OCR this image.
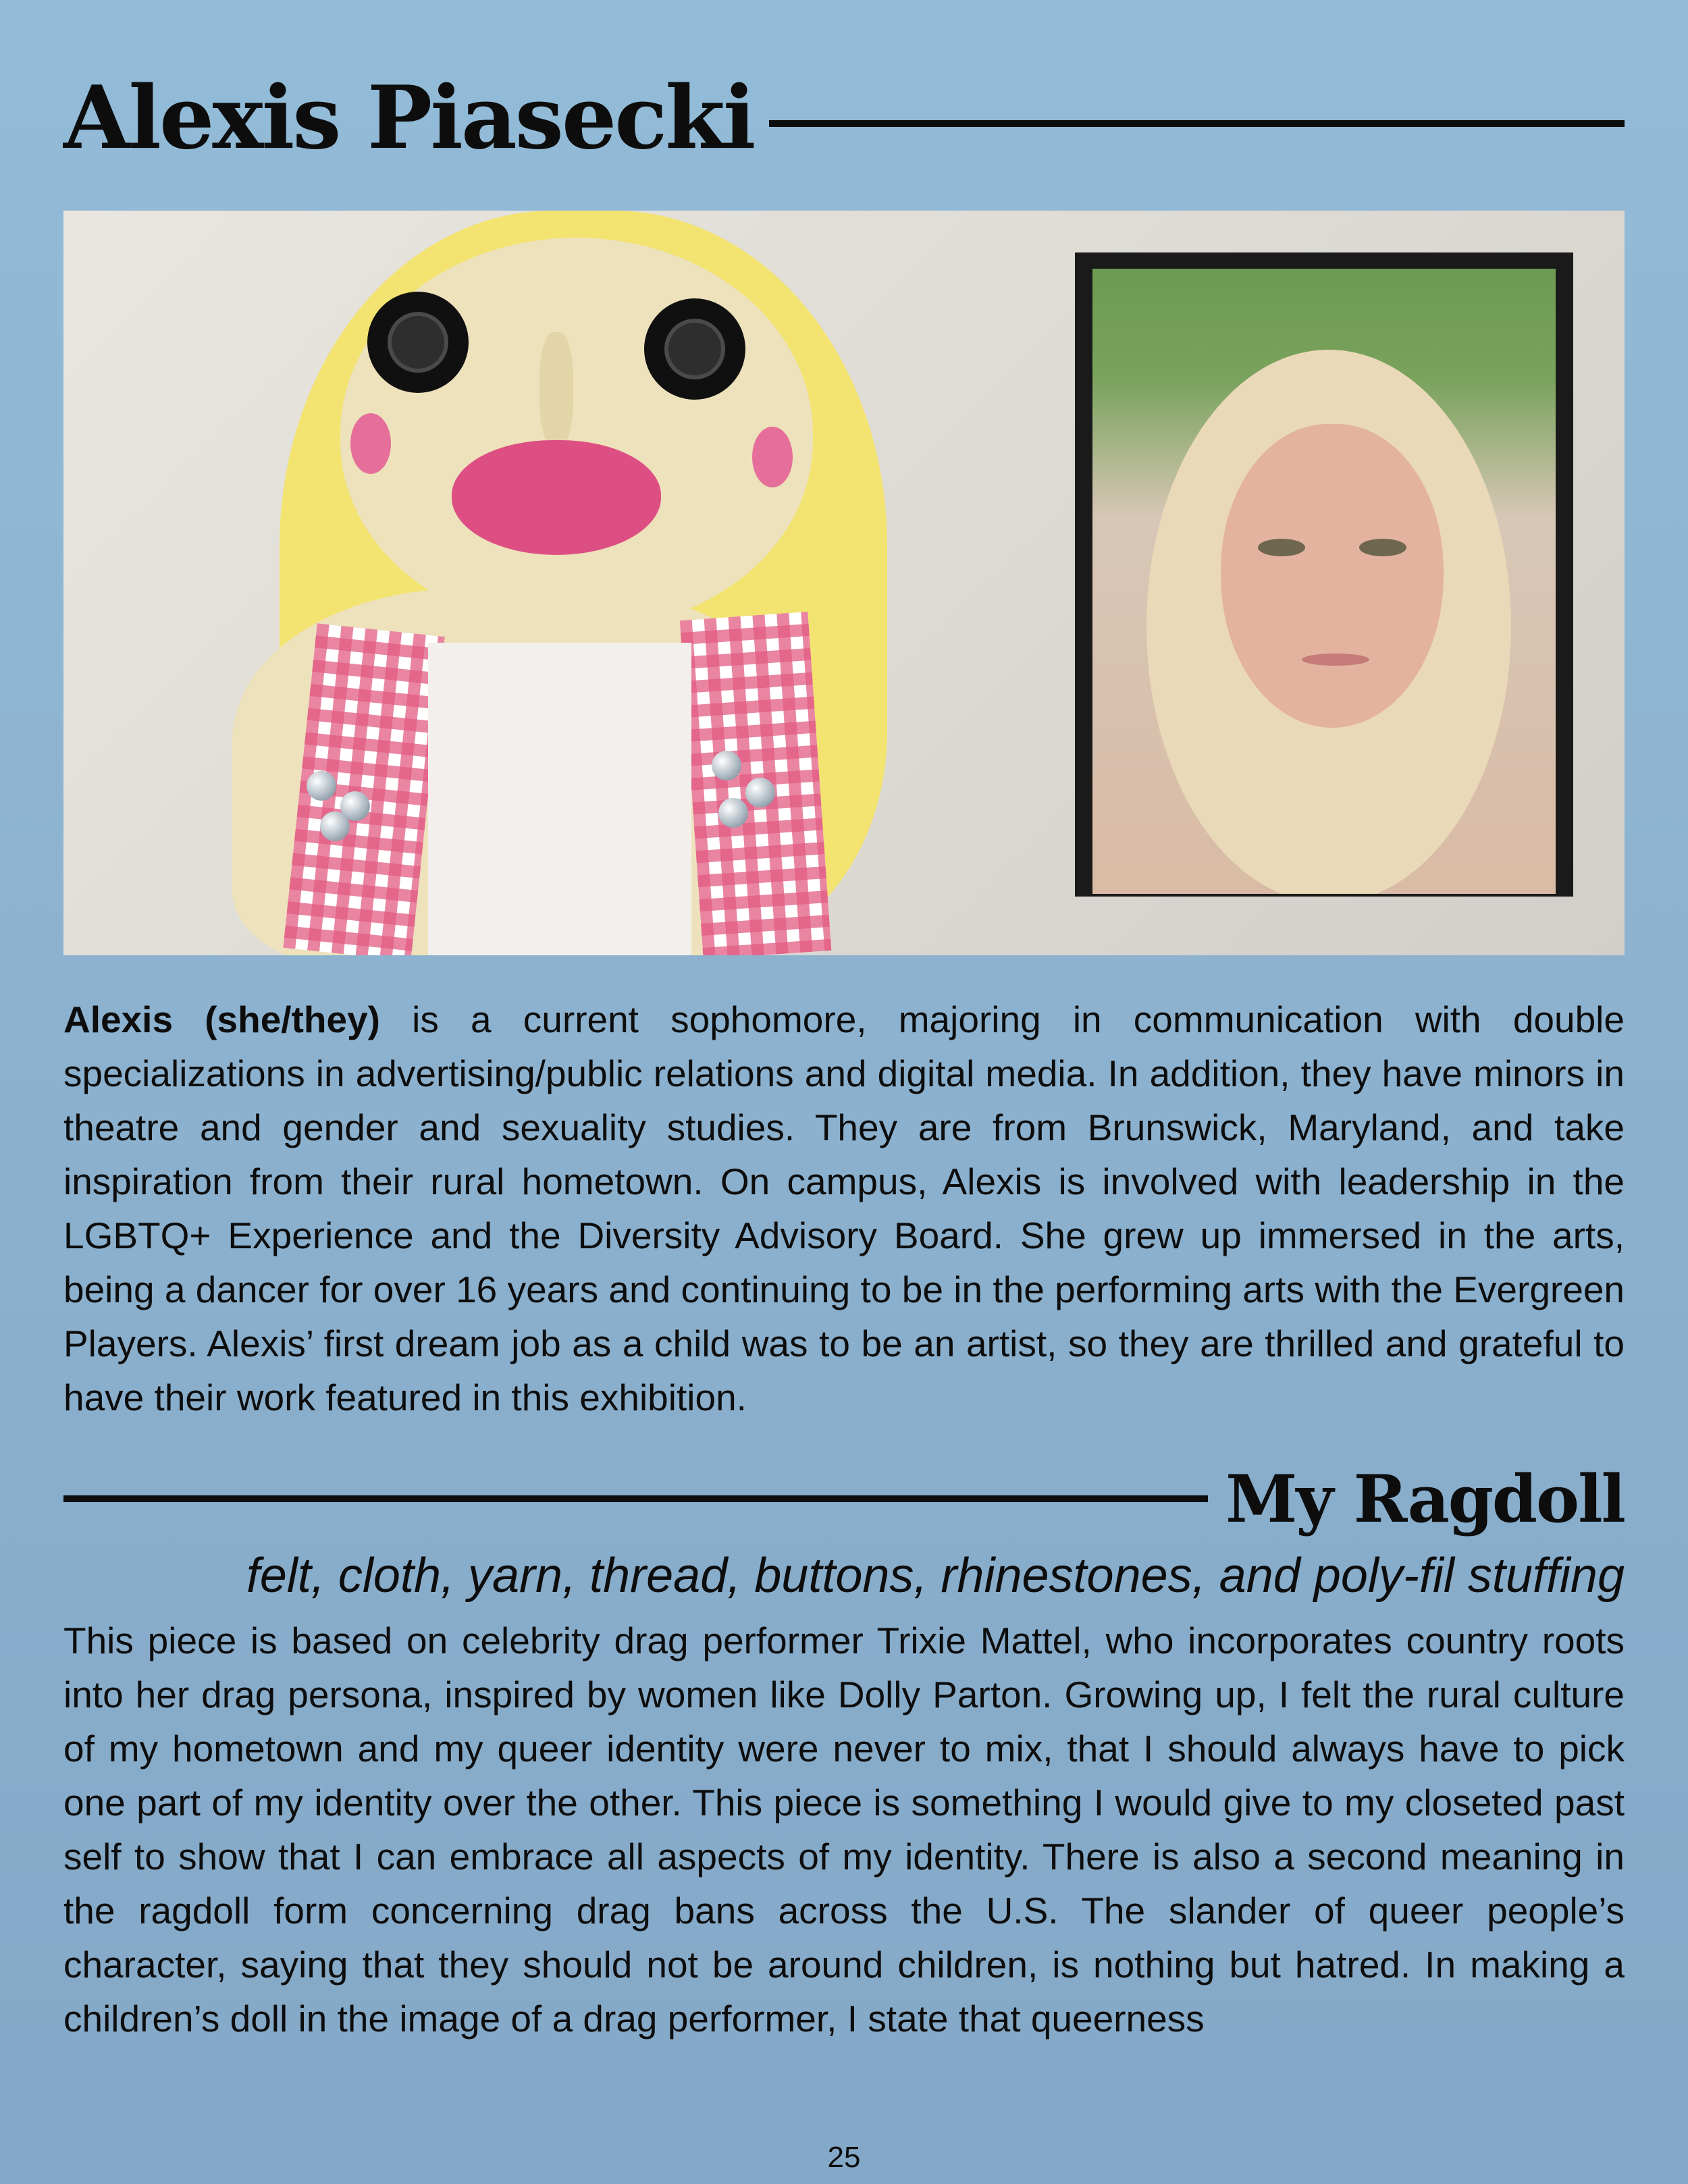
Alexis Piasecki
Alexis (she/they) is a current sophomore, majoring in communication with double specializations in advertising/public relations and digital media. In addition, they have minors in theatre and gender and sexuality studies. They are from Brunswick, Maryland, and take inspiration from their rural hometown. On campus, Alexis is involved with leadership in the LGBTQ+ Experience and the Diversity Advisory Board. She grew up immersed in the arts, being a dancer for over 16 years and continuing to be in the performing arts with the Evergreen Players. Alexis’ first dream job as a child was to be an artist, so they are thrilled and grateful to have their work featured in this exhibition.
My Ragdoll
felt, cloth, yarn, thread, buttons, rhinestones, and poly-fil stuffing
This piece is based on celebrity drag performer Trixie Mattel, who incorporates country roots into her drag persona, inspired by women like Dolly Parton. Growing up, I felt the rural culture of my hometown and my queer identity were never to mix, that I should always have to pick one part of my identity over the other. This piece is something I would give to my closeted past self to show that I can embrace all aspects of my identity. There is also a second meaning in the ragdoll form concerning drag bans across the U.S. The slander of queer people’s character, saying that they should not be around children, is nothing but hatred. In making a children’s doll in the image of a drag performer, I state that queerness
25
